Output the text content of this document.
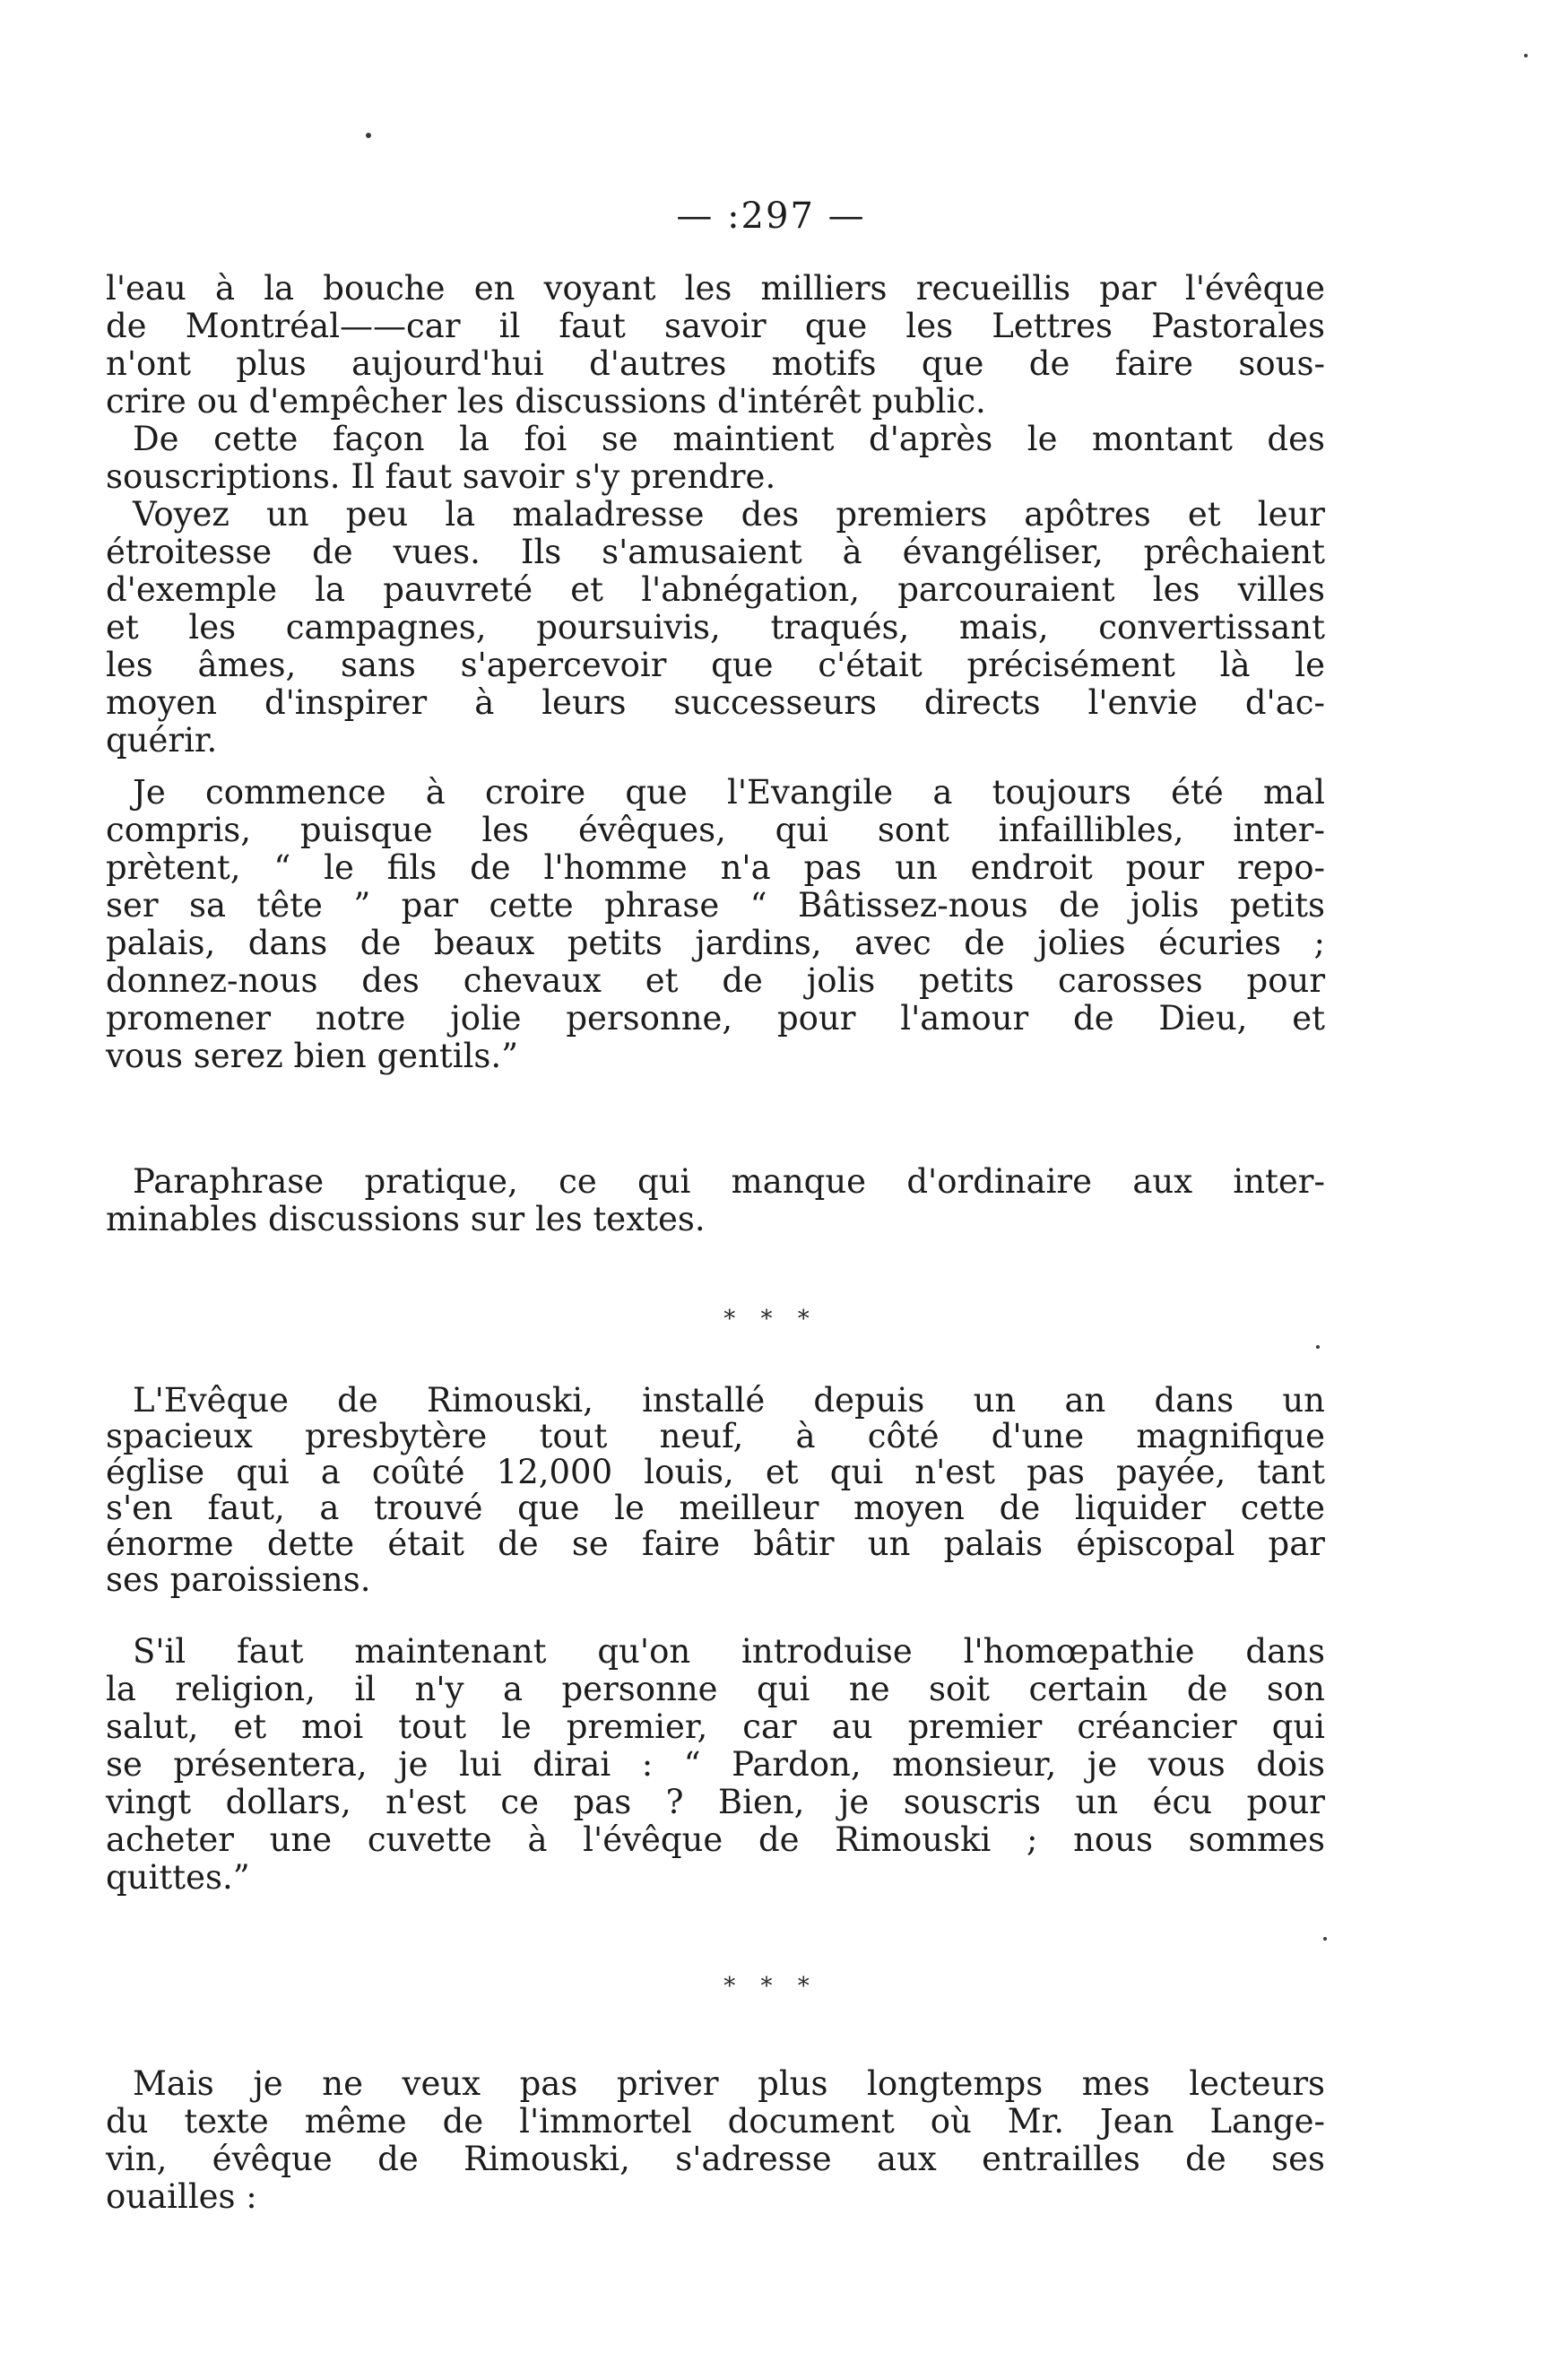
— :297 —
l'eau à la bouche en voyant les milliers recueillis par l'évêque
de Montréal——car il faut savoir que les Lettres Pastorales
n'ont plus aujourd'hui d'autres motifs que de faire sous-
crire ou d'empêcher les discussions d'intérêt public.
De cette façon la foi se maintient d'après le montant des
souscriptions. Il faut savoir s'y prendre.
Voyez un peu la maladresse des premiers apôtres et leur
étroitesse de vues. Ils s'amusaient à évangéliser, prêchaient
d'exemple la pauvreté et l'abnégation, parcouraient les villes
et les campagnes, poursuivis, traqués, mais, convertissant
les âmes, sans s'apercevoir que c'était précisément là le
moyen d'inspirer à leurs successeurs directs l'envie d'ac-
quérir.
Je commence à croire que l'Evangile a toujours été mal
compris, puisque les évêques, qui sont infaillibles, inter-
prètent, “ le fils de l'homme n'a pas un endroit pour repo-
ser sa tête ” par cette phrase “ Bâtissez-nous de jolis petits
palais, dans de beaux petits jardins, avec de jolies écuries ;
donnez-nous des chevaux et de jolis petits carosses pour
promener notre jolie personne, pour l'amour de Dieu, et
vous serez bien gentils.”
Paraphrase pratique, ce qui manque d'ordinaire aux inter-
minables discussions sur les textes.
* * *
L'Evêque de Rimouski, installé depuis un an dans un
spacieux presbytère tout neuf, à côté d'une magnifique
église qui a coûté 12,000 louis, et qui n'est pas payée, tant
s'en faut, a trouvé que le meilleur moyen de liquider cette
énorme dette était de se faire bâtir un palais épiscopal par
ses paroissiens.
S'il faut maintenant qu'on introduise l'homœpathie dans
la religion, il n'y a personne qui ne soit certain de son
salut, et moi tout le premier, car au premier créancier qui
se présentera, je lui dirai : “ Pardon, monsieur, je vous dois
vingt dollars, n'est ce pas ? Bien, je souscris un écu pour
acheter une cuvette à l'évêque de Rimouski ; nous sommes
quittes.”
* * *
Mais je ne veux pas priver plus longtemps mes lecteurs
du texte même de l'immortel document où Mr. Jean Lange-
vin, évêque de Rimouski, s'adresse aux entrailles de ses
ouailles :
